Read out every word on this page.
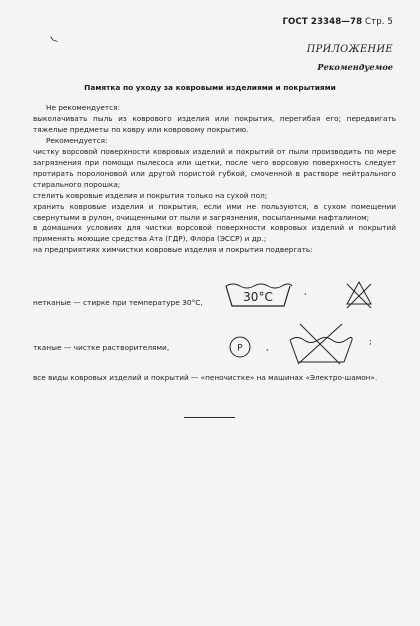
ГОСТ 23348—78 Стр. 5
ПРИЛОЖЕНИЕ
Рекомендуемое
Памятка по уходу за ковровыми изделиями и покрытиями

Не рекомендуется:

выколачивать пыль из коврового изделия или покрытия, перегибая его; передвигать тяжелые предметы по ковру или ковровому покрытию.

Рекомендуется:

чистку ворсовой поверхности ковровых изделий и покрытий от пыли производить по мере загрязнения при помощи пылесоса или щетки, после чего ворсовую поверхность следует протирать поролоновой или другой пористой губкой, смоченной в растворе нейтрального стирального порошка;

стелить ковровые изделия и покрытия только на сухой пол;

хранить ковровые изделия и покрытия, если ими не пользуются, в сухом помещении свернутыми в рулон, очищенными от пыли и загрязнения, посыпанными нафталином;

в домашних условиях для чистки ворсовой поверхности ковровых изделий и покрытий применять моющие средства Ата (ГДР), Флора (ЭССР) и др.;

на предприятиях химчистки ковровые изделия и покрытия подвергать:

нетканые — стирке при температуре 30°С,	30°C	,
тканые — чистке растворителями,	P	,
;

все виды ковровых изделий и покрытий — «пеночистке» на машинах «Электро-шамон».
